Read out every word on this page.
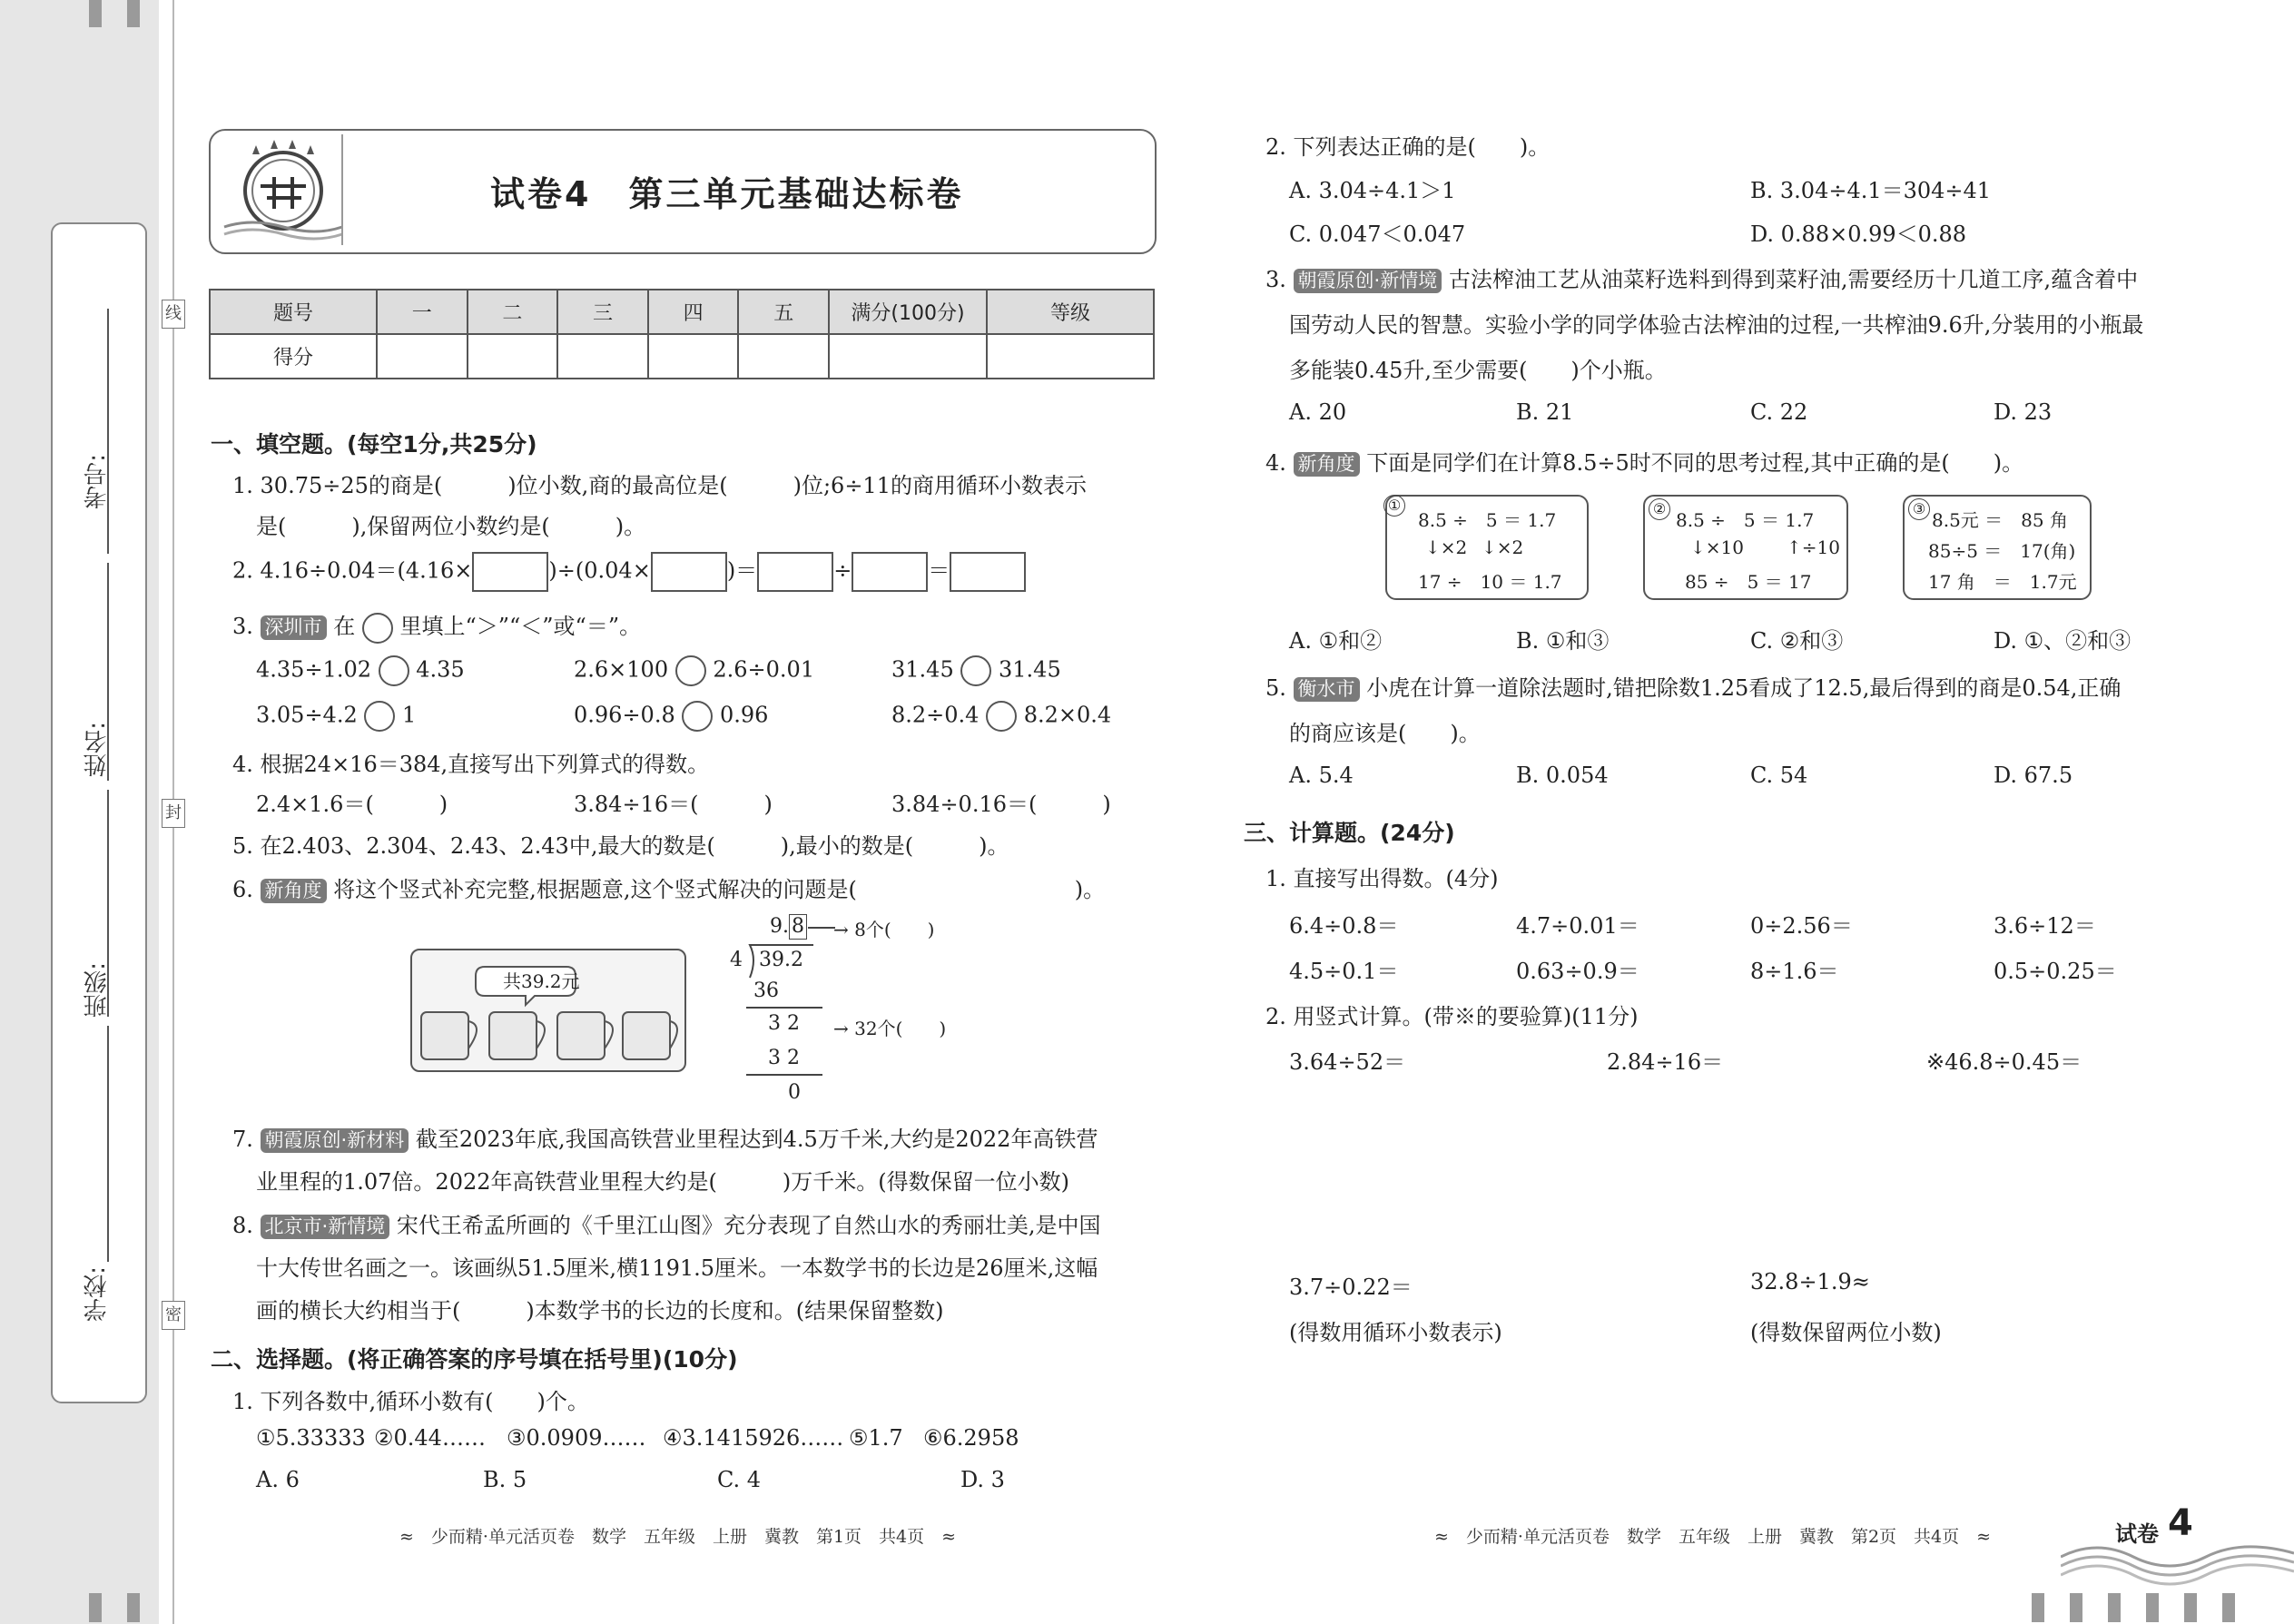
考号:
姓名:
班级:
学校:
线
封
密
试卷4　第三单元基础达标卷
题号	一	二	三	四	五	满分(100分)	等级
得分							
一、填空题。(每空1分,共25分)
1. 30.75÷25的商是(　　　)位小数,商的最高位是(　　　)位;6÷11的商用循环小数表示
是(　　　),保留两位小数约是(　　　)。
2. 4.16÷0.04＝(4.16×	)÷(0.04×	)＝	÷	＝
3. 深圳市 在 里填上“＞”“＜”或“＝”。
4.35÷1.02 4.35	2.6×100 2.6÷0.01	31.45 31.45
3.05÷4.2 1	0.96÷0.8 0.96	8.2÷0.4 8.2×0.4
4. 根据24×16＝384,直接写出下列算式的得数。
2.4×1.6＝(　　　)	3.84÷16＝(　　　)	3.84÷0.16＝(　　　)
5. 在2.403、2.304、2.43、2.43中,最大的数是(　　　),最小的数是(　　　)。
6. 新角度 将这个竖式补充完整,根据题意,这个竖式解决的问题是(　　　　　　　　　　)。
共39.2元
9. 8 → 8个(　　)
4 39.2
36
3 2 → 32个(　　)
3 2
0
7. 朝霞原创·新材料 截至2023年底,我国高铁营业里程达到4.5万千米,大约是2022年高铁营
业里程的1.07倍。2022年高铁营业里程大约是(　　　)万千米。(得数保留一位小数)
8. 北京市·新情境 宋代王希孟所画的《千里江山图》充分表现了自然山水的秀丽壮美,是中国
十大传世名画之一。该画纵51.5厘米,横1191.5厘米。一本数学书的长边是26厘米,这幅
画的横长大约相当于(　　　)本数学书的长边的长度和。(结果保留整数)
二、选择题。(将正确答案的序号填在括号里)(10分)
1. 下列各数中,循环小数有(　　)个。
①5.33333 ②0.44…… ③0.0909…… ④3.1415926…… ⑤1.7 ⑥6.2958
A. 6	B. 5	C. 4	D. 3
≈　少而精·单元活页卷　数学　五年级　上册　冀教　第1页　共4页　≈
2. 下列表达正确的是(　　)。
A. 3.04÷4.1＞1	B. 3.04÷4.1＝304÷41
C. 0.047＜0.047	D. 0.88×0.99＜0.88
3. 朝霞原创·新情境 古法榨油工艺从油菜籽选料到得到菜籽油,需要经历十几道工序,蕴含着中
国劳动人民的智慧。实验小学的同学体验古法榨油的过程,一共榨油9.6升,分装用的小瓶最
多能装0.45升,至少需要(　　)个小瓶。
A. 20	B. 21	C. 22	D. 23
4. 新角度 下面是同学们在计算8.5÷5时不同的思考过程,其中正确的是(　　)。
①
8.5 ÷　5 ＝ 1.7
↓×2 ↓×2
17 ÷　10 ＝ 1.7
②
8.5 ÷　5 ＝ 1.7
↓×10 ↑÷10
85 ÷　5 ＝ 17
③
8.5元 ＝　85 角
85÷5 ＝　17(角)
17 角　＝　1.7元
A. ①和②	B. ①和③	C. ②和③	D. ①、②和③
5. 衡水市 小虎在计算一道除法题时,错把除数1.25看成了12.5,最后得到的商是0.54,正确
的商应该是(　　)。
A. 5.4	B. 0.054	C. 54	D. 67.5
三、计算题。(24分)
1. 直接写出得数。(4分)
6.4÷0.8＝	4.7÷0.01＝	0÷2.56＝	3.6÷12＝
4.5÷0.1＝	0.63÷0.9＝	8÷1.6＝	0.5÷0.25＝
2. 用竖式计算。(带※的要验算)(11分)
3.64÷52＝	2.84÷16＝	※46.8÷0.45＝
3.7÷0.22＝	32.8÷1.9≈
(得数用循环小数表示)	(得数保留两位小数)
≈　少而精·单元活页卷　数学　五年级　上册　冀教　第2页　共4页　≈	试卷 4
